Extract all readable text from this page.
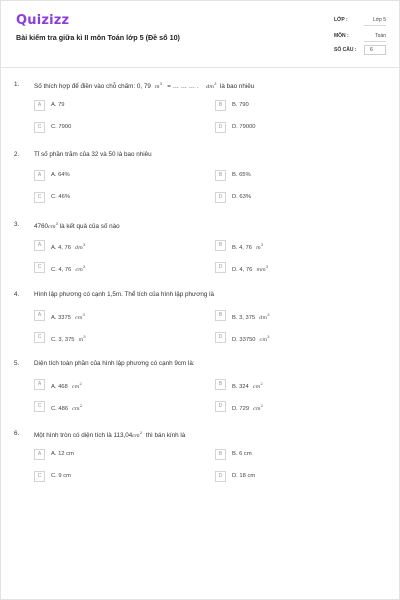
Quizizz
Bài kiểm tra giữa kì II môn Toán lớp 5 (Đề số 10)
LỚP :	Lớp 5
MÔN :	Toán
SỐ CÂU :	6
1. Số thích hợp để điền vào chỗ chấm: 0, 79 $m^3$ = … … … . $dm^3$ là bao nhiêu
A	A. 79	B	B. 790
C	C. 7900	D	D. 79000
2. Tỉ số phần trăm của 32 và 50 là bao nhiêu
A	A. 64%	B	B. 65%
C	C. 46%	D	D. 63%
3. $4760cm^3$ là kết quả của số nào
A	A. 4, 76 $dm^3$	B	B. 4, 76 $m^3$
C	C. 4, 76 $cm^3$	D	D. 4, 76 $mm^3$
4. Hình lập phương có cạnh 1,5m. Thể tích của hình lập phương là
A	A. 3375 $cm^3$	B	B. 3, 375 $dm^3$
C	C. 3, 375 $m^3$	D	D. 33750 $cm^3$
5. Diện tích toàn phần của hình lập phương có cạnh 9cm là:
A	A. 468 $cm^2$	B	B. 324 $cm^2$
C	C. 486 $cm^2$	D	D. 729 $cm^2$
6. Một hình tròn có diện tích là $113,04cm^2$ thì bán kính là
A	A. 12 cm	B	B. 6 cm
C	C. 9 cm	D	D. 18 cm
